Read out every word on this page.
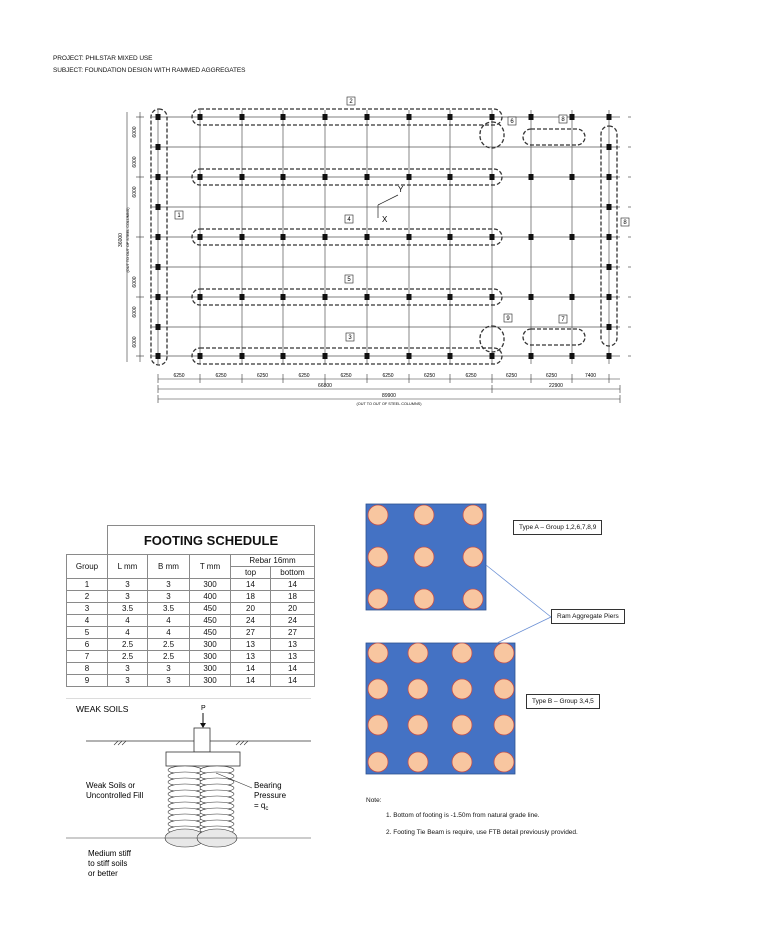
PROJECT: PHILSTAR MIXED USE
SUBJECT: FOUNDATION DESIGN WITH RAMMED AGGREGATES
1
2
3
4
5
6
7
8
9
8
6250	6250	6250	6250	6250	6250	6250	6250	6250	6250	7400
66800	22900
89900
(OUT TO OUT OF STEEL COLUMNS)
6000
6000
6000
6000
6000
6000
36000 (OUT TO OUT OF STEEL COLUMNS)
Y
X
	FOOTING SCHEDULE				
Group	L mm	B mm	T mm	Rebar 16mm	
				top	bottom
1	3	3	300	14	14
2	3	3	400	18	18
3	3.5	3.5	450	20	20
4	4	4	450	24	24
5	4	4	450	27	27
6	2.5	2.5	300	13	13
7	2.5	2.5	300	13	13
8	3	3	300	14	14
9	3	3	300	14	14
WEAK SOILS	P
Weak Soils or
Uncontrolled Fill
Bearing
Pressure
= $q_c$
Medium stiff
to stiff soils
or better
Type A – Group 1,2,6,7,8,9
Ram Aggregate Piers
Type B – Group 3,4,5
Note:
1. Bottom of footing is -1.50m from natural grade line.
2. Footing Tie Beam is require, use FTB detail previously provided.
